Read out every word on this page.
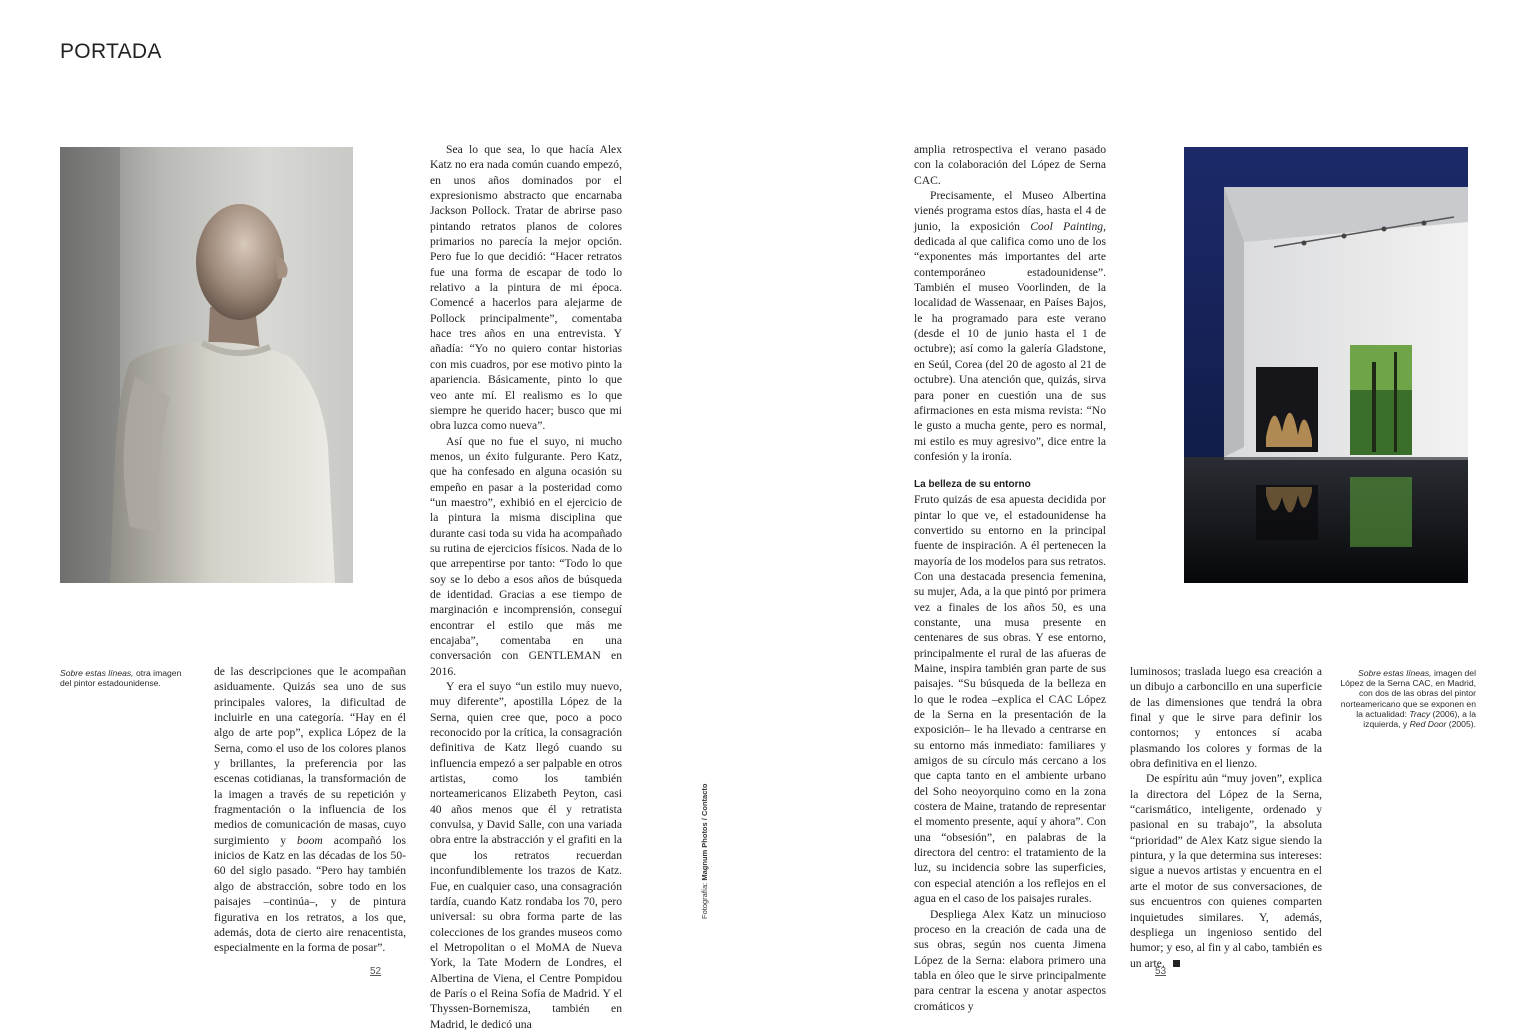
PORTADA
Sobre estas líneas, otra imagen del pintor estadounidense.

de las descripciones que le acompañan asiduamente. Quizás sea uno de sus principales valores, la dificultad de incluirle en una categoría. “Hay en él algo de arte pop”, explica López de la Serna, como el uso de los colores planos y brillantes, la preferencia por las escenas cotidianas, la transformación de la imagen a través de su repetición y fragmentación o la influencia de los medios de comunicación de masas, cuyo surgimiento y boom acompañó los inicios de Katz en las décadas de los 50-60 del siglo pasado. “Pero hay también algo de abstracción, sobre todo en los paisajes –continúa–, y de pintura figurativa en los retratos, a los que, además, dota de cierto aire renacentista, especialmente en la forma de posar”.

Sea lo que sea, lo que hacía Alex Katz no era nada común cuando empezó, en unos años dominados por el expresionismo abstracto que encarnaba Jackson Pollock. Tratar de abrirse paso pintando retratos planos de colores primarios no parecía la mejor opción. Pero fue lo que decidió: “Hacer retratos fue una forma de escapar de todo lo relativo a la pintura de mi época. Comencé a hacerlos para alejarme de Pollock principalmente”, comentaba hace tres años en una entrevista. Y añadía: “Yo no quiero contar historias con mis cuadros, por ese motivo pinto la apariencia. Básicamente, pinto lo que veo ante mí. El realismo es lo que siempre he querido hacer; busco que mi obra luzca como nueva”.

Así que no fue el suyo, ni mucho menos, un éxito fulgurante. Pero Katz, que ha confesado en alguna ocasión su empeño en pasar a la posteridad como “un maestro”, exhibió en el ejercicio de la pintura la misma disciplina que durante casi toda su vida ha acompañado su rutina de ejercicios físicos. Nada de lo que arrepentirse por tanto: “Todo lo que soy se lo debo a esos años de búsqueda de identidad. Gracias a ese tiempo de marginación e incomprensión, conseguí encontrar el estilo que más me encajaba”, comentaba en una conversación con GENTLEMAN en 2016.

Y era el suyo “un estilo muy nuevo, muy diferente”, apostilla López de la Serna, quien cree que, poco a poco reconocido por la crítica, la consagración definitiva de Katz llegó cuando su influencia empezó a ser palpable en otros artistas, como los también norteamericanos Elizabeth Peyton, casi 40 años menos que él y retratista convulsa, y David Salle, con una variada obra entre la abstracción y el grafiti en la que los retratos recuerdan inconfundiblemente los trazos de Katz. Fue, en cualquier caso, una consagración tardía, cuando Katz rondaba los 70, pero universal: su obra forma parte de las colecciones de los grandes museos como el Metropolitan o el MoMA de Nueva York, la Tate Modern de Londres, el Albertina de Viena, el Centre Pompidou de París o el Reina Sofía de Madrid. Y el Thyssen-Bornemisza, también en Madrid, le dedicó una

Fotografía: Magnum Photos / Contacto

amplia retrospectiva el verano pasado con la colaboración del López de Serna CAC.

Precisamente, el Museo Albertina vienés programa estos días, hasta el 4 de junio, la exposición Cool Painting, dedicada al que califica como uno de los “exponentes más importantes del arte contemporáneo estadounidense”. También el museo Voorlinden, de la localidad de Wassenaar, en Países Bajos, le ha programado para este verano (desde el 10 de junio hasta el 1 de octubre); así como la galería Gladstone, en Seúl, Corea (del 20 de agosto al 21 de octubre). Una atención que, quizás, sirva para poner en cuestión una de sus afirmaciones en esta misma revista: “No le gusto a mucha gente, pero es normal, mi estilo es muy agresivo”, dice entre la confesión y la ironía.

La belleza de su entorno

Fruto quizás de esa apuesta decidida por pintar lo que ve, el estadounidense ha convertido su entorno en la principal fuente de inspiración. A él pertenecen la mayoría de los modelos para sus retratos. Con una destacada presencia femenina, su mujer, Ada, a la que pintó por primera vez a finales de los años 50, es una constante, una musa presente en centenares de sus obras. Y ese entorno, principalmente el rural de las afueras de Maine, inspira también gran parte de sus paisajes. “Su búsqueda de la belleza en lo que le rodea –explica el CAC López de la Serna en la presentación de la exposición– le ha llevado a centrarse en su entorno más inmediato: familiares y amigos de su círculo más cercano a los que capta tanto en el ambiente urbano del Soho neoyorquino como en la zona costera de Maine, tratando de representar el momento presente, aquí y ahora”. Con una “obsesión”, en palabras de la directora del centro: el tratamiento de la luz, su incidencia sobre las superficies, con especial atención a los reflejos en el agua en el caso de los paisajes rurales.

Despliega Alex Katz un minucioso proceso en la creación de cada una de sus obras, según nos cuenta Jimena López de la Serna: elabora primero una tabla en óleo que le sirve principalmente para centrar la escena y anotar aspectos cromáticos y

luminosos; traslada luego esa creación a un dibujo a carboncillo en una superficie de las dimensiones que tendrá la obra final y que le sirve para definir los contornos; y entonces sí acaba plasmando los colores y formas de la obra definitiva en el lienzo.

De espíritu aún “muy joven”, explica la directora del López de la Serna, “carismático, inteligente, ordenado y pasional en su trabajo”, la absoluta “prioridad” de Alex Katz sigue siendo la pintura, y la que determina sus intereses: sigue a nuevos artistas y encuentra en el arte el motor de sus conversaciones, de sus encuentros con quienes comparten inquietudes similares. Y, además, despliega un ingenioso sentido del humor; y eso, al fin y al cabo, también es un arte.

Sobre estas líneas, imagen del López de la Serna CAC, en Madrid, con dos de las obras del pintor norteamericano que se exponen en la actualidad: Tracy (2006), a la izquierda, y Red Door (2005).
52	53
